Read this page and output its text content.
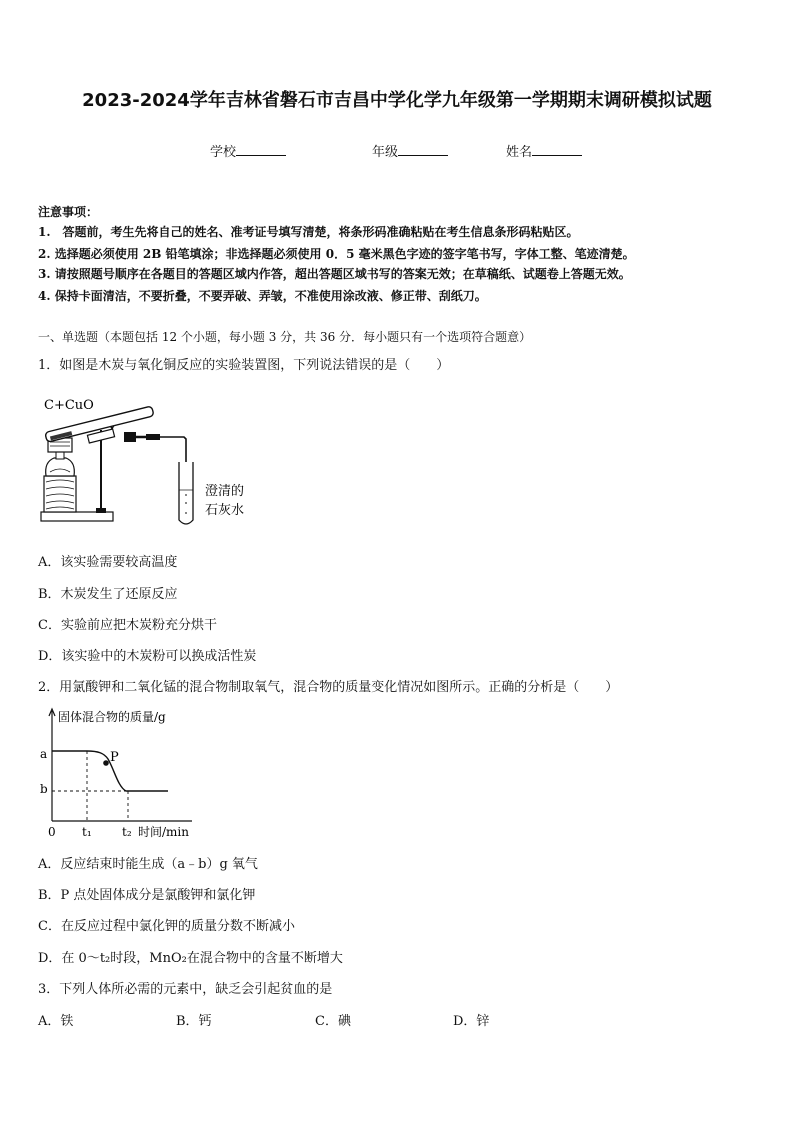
2023-2024学年吉林省磐石市吉昌中学化学九年级第一学期期末调研模拟试题
学校	年级	姓名
注意事项：
1.　答题前，考生先将自己的姓名、准考证号填写清楚，将条形码准确粘贴在考生信息条形码粘贴区。
2. 选择题必须使用 2B 铅笔填涂；非选择题必须使用 0．5 毫米黑色字迹的签字笔书写，字体工整、笔迹清楚。
3. 请按照题号顺序在各题目的答题区域内作答，超出答题区域书写的答案无效；在草稿纸、试题卷上答题无效。
4. 保持卡面清洁，不要折叠，不要弄破、弄皱，不准使用涂改液、修正带、刮纸刀。
一、单选题（本题包括 12 个小题，每小题 3 分，共 36 分．每小题只有一个选项符合题意）
1．如图是木炭与氧化铜反应的实验装置图，下列说法错误的是（　　）
C+CuO
澄清的
石灰水
A．该实验需要较高温度
B．木炭发生了还原反应
C．实验前应把木炭粉充分烘干
D．该实验中的木炭粉可以换成活性炭
2．用氯酸钾和二氧化锰的混合物制取氧气，混合物的质量变化情况如图所示。正确的分析是（　　）
固体混合物的质量/g
a
b
0 t₁	t₂ 时间/min
P
A．反应结束时能生成（a﹣b）g 氧气
B．P 点处固体成分是氯酸钾和氯化钾
C．在反应过程中氯化钾的质量分数不断减小
D．在 0～t₂时段，MnO₂在混合物中的含量不断增大
3．下列人体所必需的元素中，缺乏会引起贫血的是
A．铁	B．钙	C．碘	D．锌
